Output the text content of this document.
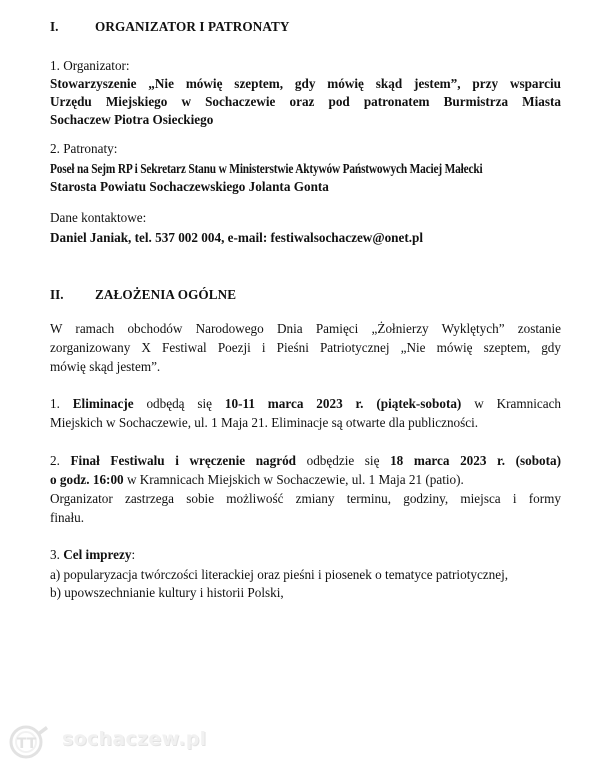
I.	ORGANIZATOR I PATRONATY
1. Organizator:
Stowarzyszenie „Nie mówię szeptem, gdy mówię skąd jestem”, przy wsparciu
Urzędu Miejskiego w Sochaczewie oraz pod patronatem Burmistrza Miasta
Sochaczew Piotra Osieckiego
2. Patronaty:
Poseł na Sejm RP i Sekretarz Stanu w Ministerstwie Aktywów Państwowych Maciej Małecki
Starosta Powiatu Sochaczewskiego Jolanta Gonta
Dane kontaktowe:
Daniel Janiak, tel. 537 002 004, e-mail: festiwalsochaczew@onet.pl
II. ZAŁOŻENIA OGÓLNE
W ramach obchodów Narodowego Dnia Pamięci „Żołnierzy Wyklętych” zostanie
zorganizowany X Festiwal Poezji i Pieśni Patriotycznej „Nie mówię szeptem, gdy
mówię skąd jestem”.
1. Eliminacje odbędą się 10-11 marca 2023 r. (piątek-sobota) w Kramnicach
Miejskich w Sochaczewie, ul. 1 Maja 21. Eliminacje są otwarte dla publiczności.
2. Finał Festiwalu i wręczenie nagród odbędzie się 18 marca 2023 r. (sobota)
o godz. 16:00 w Kramnicach Miejskich w Sochaczewie, ul. 1 Maja 21 (patio).
Organizator zastrzega sobie możliwość zmiany terminu, godziny, miejsca i formy
finału.
3. Cel imprezy:
a) popularyzacja twórczości literackiej oraz pieśni i piosenek o tematyce patriotycznej,
b) upowszechnianie kultury i historii Polski,
TT sochaczew.pl
